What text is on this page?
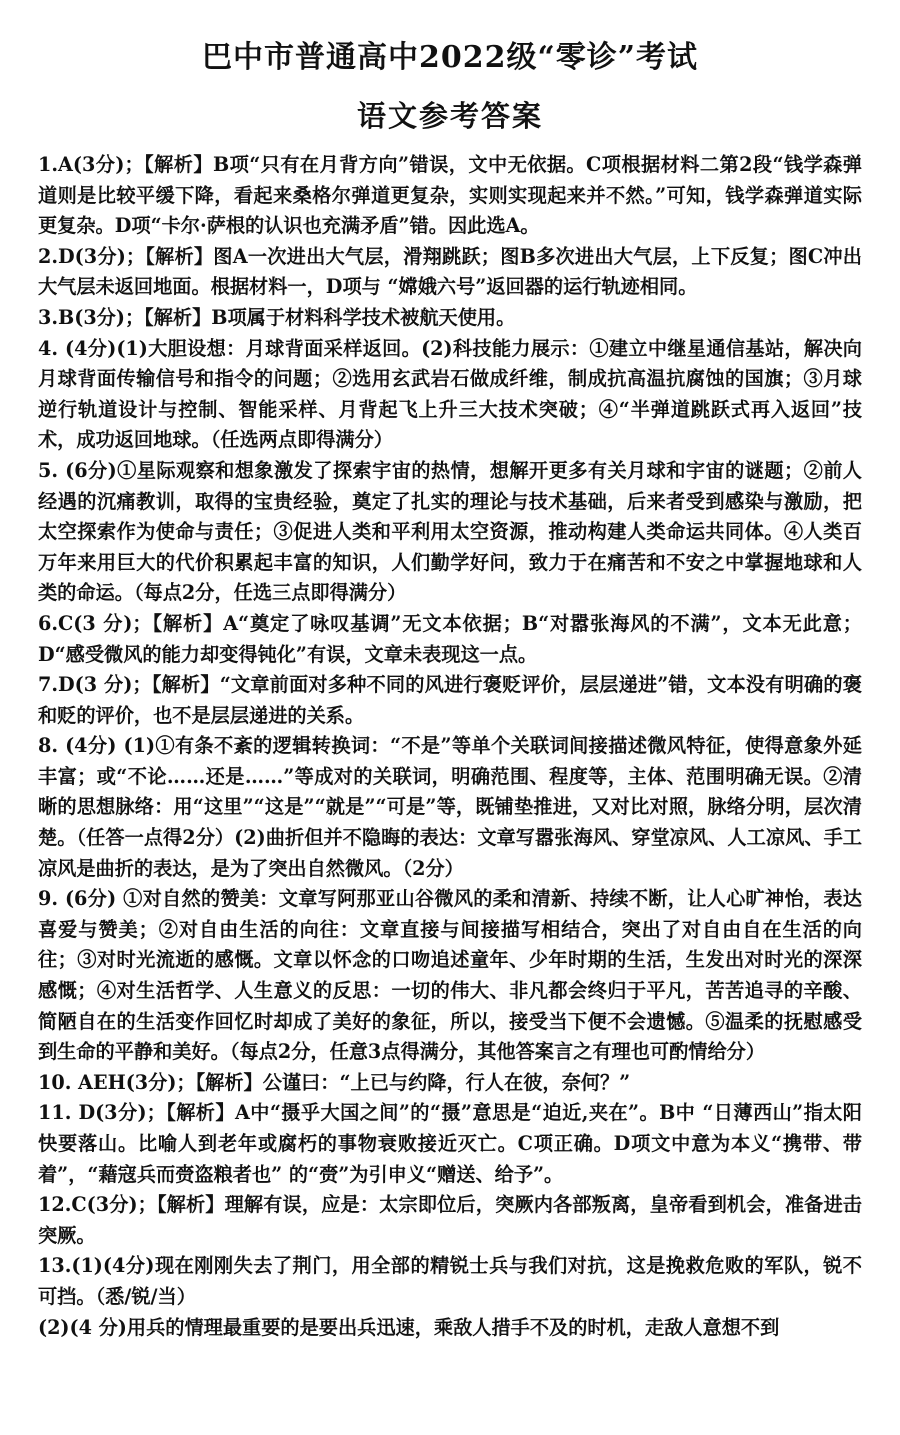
巴中市普通高中2022级“零诊”考试
语文参考答案

1.A(3分)；【解析】B项“只有在月背方向”错误，文中无依据。C项根据材料二第2段“钱学森弹道则是比较平缓下降，看起来桑格尔弹道更复杂，实则实现起来并不然。”可知，钱学森弹道实际更复杂。D项“卡尔·萨根的认识也充满矛盾”错。因此选A。

2.D(3分)；【解析】图A一次进出大气层，滑翔跳跃；图B多次进出大气层，上下反复；图C冲出大气层未返回地面。根据材料一，D项与 “嫦娥六号”返回器的运行轨迹相同。

3.B(3分)；【解析】B项属于材料科学技术被航天使用。

4. (4分)(1)大胆设想：月球背面采样返回。(2)科技能力展示：①建立中继星通信基站，解决向月球背面传输信号和指令的问题；②选用玄武岩石做成纤维，制成抗高温抗腐蚀的国旗；③月球逆行轨道设计与控制、智能采样、月背起飞上升三大技术突破；④“半弹道跳跃式再入返回”技术，成功返回地球。（任选两点即得满分）

5. (6分)①星际观察和想象激发了探索宇宙的热情，想解开更多有关月球和宇宙的谜题；②前人经遇的沉痛教训，取得的宝贵经验，奠定了扎实的理论与技术基础，后来者受到感染与激励，把太空探索作为使命与责任；③促进人类和平利用太空资源，推动构建人类命运共同体。④人类百万年来用巨大的代价积累起丰富的知识，人们勤学好问，致力于在痛苦和不安之中掌握地球和人类的命运。（每点2分，任选三点即得满分）

6.C(3 分)；【解析】A“奠定了咏叹基调”无文本依据；B“对嚣张海风的不满”，文本无此意；D“感受微风的能力却变得钝化”有误，文章未表现这一点。

7.D(3 分)；【解析】“文章前面对多种不同的风进行褒贬评价，层层递进”错，文本没有明确的褒和贬的评价，也不是层层递进的关系。

8. (4分) (1)①有条不紊的逻辑转换词：“不是”等单个关联词间接描述微风特征，使得意象外延丰富；或“不论……还是……”等成对的关联词，明确范围、程度等，主体、范围明确无误。②清晰的思想脉络：用“这里”“这是”“就是”“可是”等，既铺垫推进，又对比对照，脉络分明，层次清楚。（任答一点得2分）(2)曲折但并不隐晦的表达：文章写嚣张海风、穿堂凉风、人工凉风、手工凉风是曲折的表达，是为了突出自然微风。（2分）

9. (6分) ①对自然的赞美：文章写阿那亚山谷微风的柔和清新、持续不断，让人心旷神怡，表达喜爱与赞美；②对自由生活的向往：文章直接与间接描写相结合，突出了对自由自在生活的向往；③对时光流逝的感慨。文章以怀念的口吻追述童年、少年时期的生活，生发出对时光的深深感慨；④对生活哲学、人生意义的反思：一切的伟大、非凡都会终归于平凡，苦苦追寻的辛酸、简陋自在的生活变作回忆时却成了美好的象征，所以，接受当下便不会遗憾。⑤温柔的抚慰感受到生命的平静和美好。（每点2分，任意3点得满分，其他答案言之有理也可酌情给分）

10. AEH(3分)；【解析】公谨曰：“上已与约降，行人在彼，奈何？”

11. D(3分)；【解析】A中“摄乎大国之间”的“摄”意思是“迫近,夹在”。B中 “日薄西山”指太阳快要落山。比喻人到老年或腐朽的事物衰败接近灭亡。C项正确。D项文中意为本义“携带、带着”，“藉寇兵而赍盗粮者也” 的“赍”为引申义“赠送、给予”。

12.C(3分)；【解析】理解有误，应是：太宗即位后，突厥内各部叛离，皇帝看到机会，准备进击突厥。

13.(1)(4分)现在刚刚失去了荆门，用全部的精锐士兵与我们对抗，这是挽救危败的军队，锐不可挡。（悉/锐/当）

(2)(4 分)用兵的情理最重要的是要出兵迅速，乘敌人措手不及的时机，走敌人意想不到
